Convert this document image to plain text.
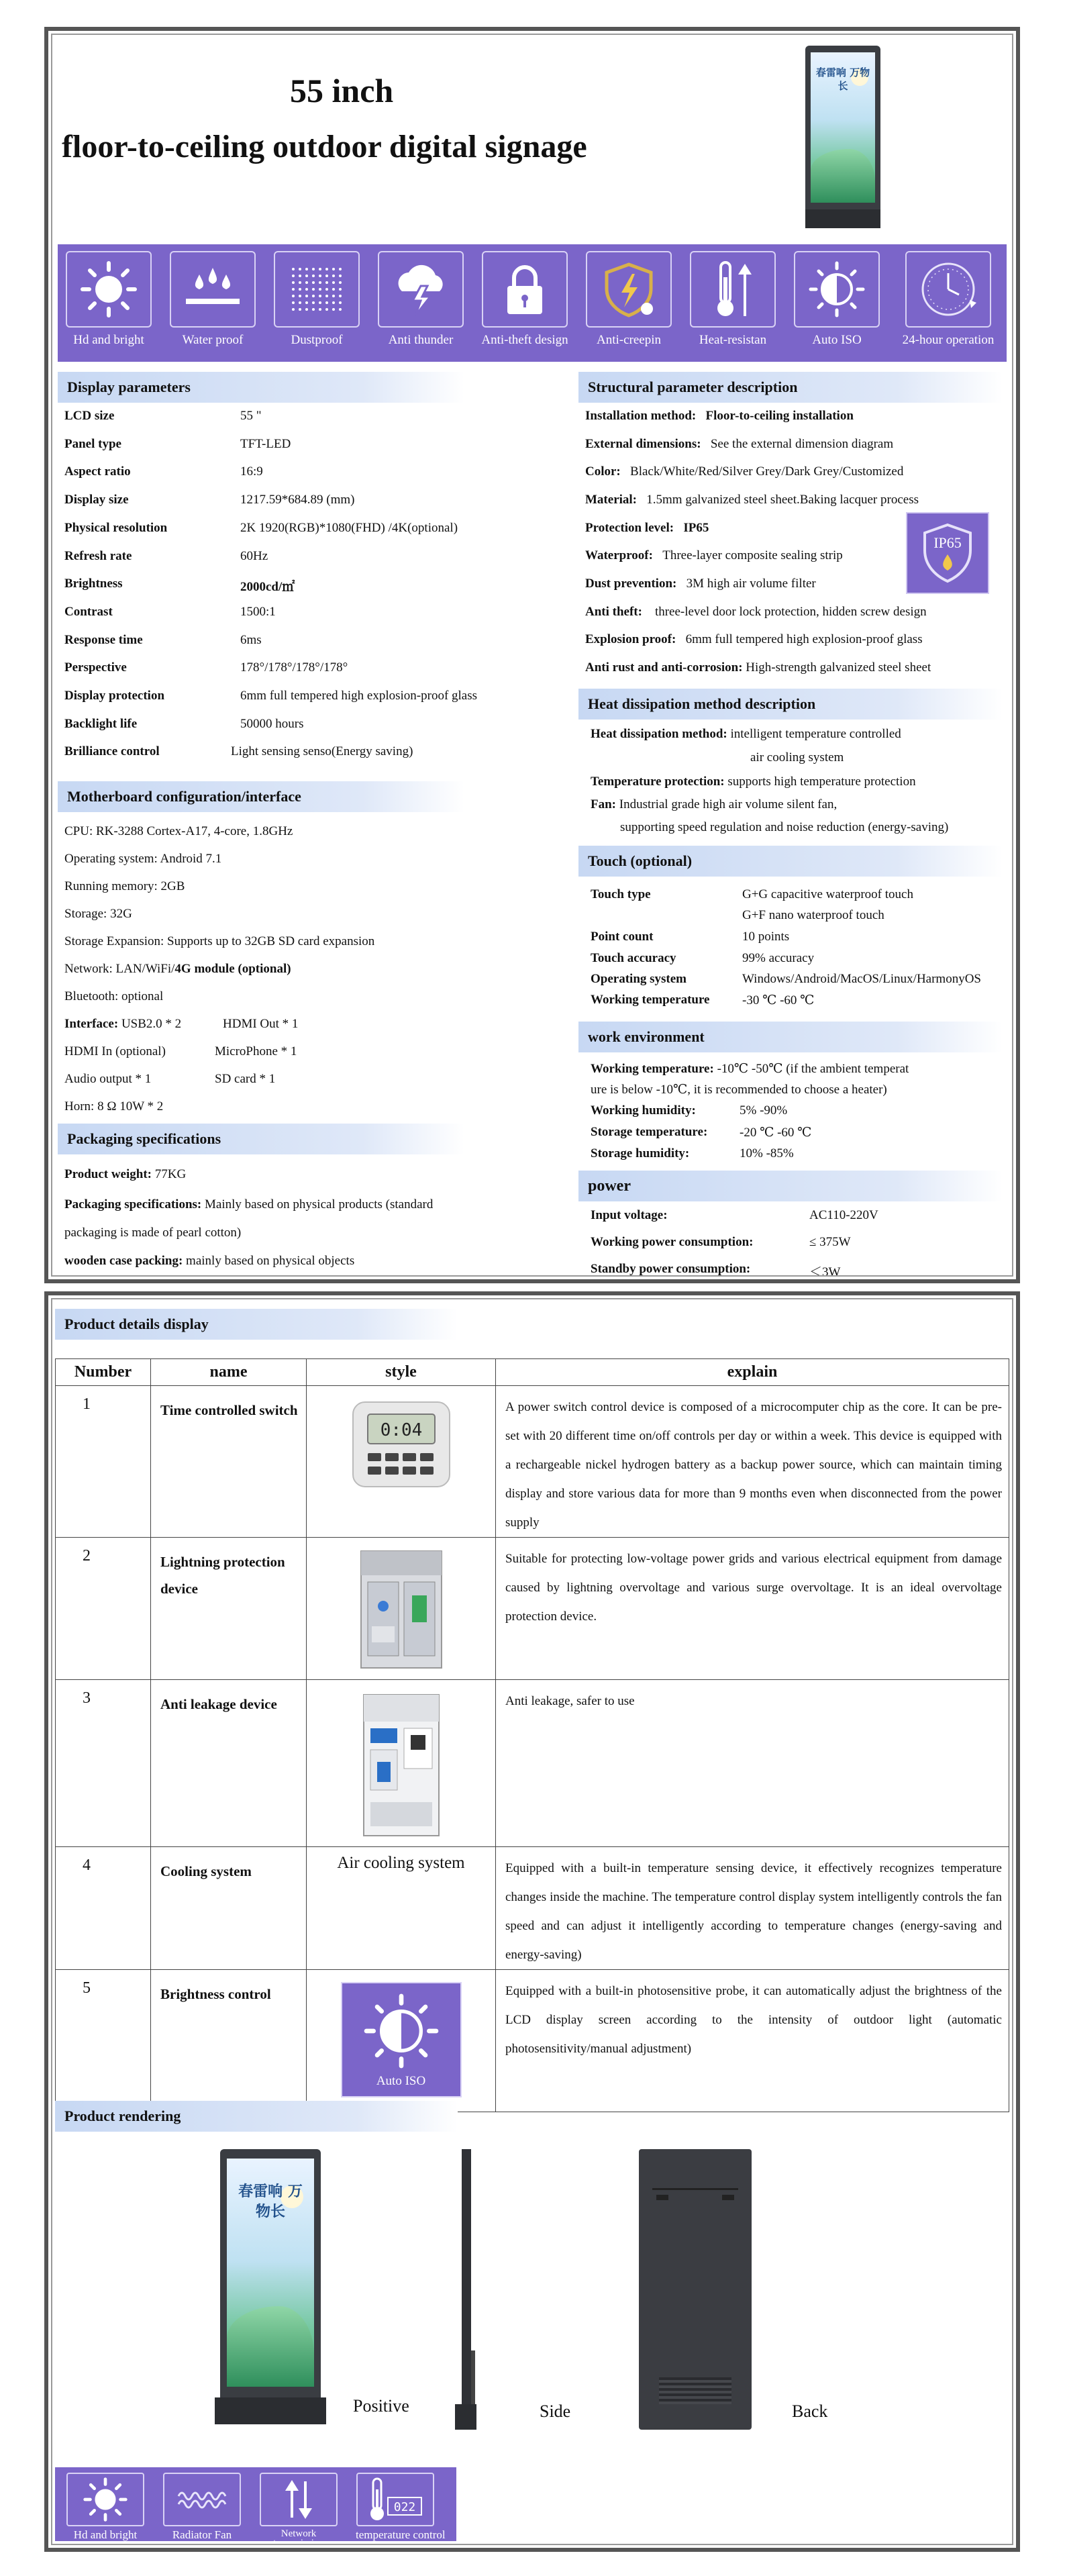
55 inch
floor-to-ceiling outdoor digital signage
春雷响 万物长
Hd and bright	Water proof	Dustproof	Anti thunder	Anti-theft design	Anti-creepin	Heat-resistan	Auto ISO	24-hour operation
Display parameters
LCD size	55 "
Panel type	TFT-LED
Aspect ratio	16:9
Display size	1217.59*684.89 (mm)
Physical resolution	2K 1920(RGB)*1080(FHD) /4K(optional)
Refresh rate	60Hz
Brightness	2000cd/㎡
Contrast	1500:1
Response time	6ms
Perspective	178°/178°/178°/178°
Display protection	6mm full tempered high explosion-proof glass
Backlight life	50000 hours
Brilliance control	Light sensing senso(Energy saving)
Motherboard configuration/interface
CPU: RK-3288 Cortex-A17, 4-core, 1.8GHz
Operating system: Android 7.1
Running memory: 2GB
Storage: 32G
Storage Expansion: Supports up to 32GB SD card expansion
Network: LAN/WiFi/4G module (optional)
Bluetooth: optional
Interface: USB2.0 * 2	HDMI Out * 1
HDMI In (optional)	MicroPhone * 1
Audio output * 1	SD card * 1
Horn: 8 Ω 10W * 2
Packaging specifications
Product weight: 77KG
Packaging specifications: Mainly based on physical products (standard
packaging is made of pearl cotton)
wooden case packing: mainly based on physical objects
Structural parameter description
Installation method: Floor-to-ceiling installation
External dimensions: See the external dimension diagram
Color: Black/White/Red/Silver Grey/Dark Grey/Customized
Material: 1.5mm galvanized steel sheet.Baking lacquer process
Protection level: IP65
Waterproof: Three-layer composite sealing strip
Dust prevention: 3M high air volume filter
Anti theft: three-level door lock protection, hidden screw design
Explosion proof: 6mm full tempered high explosion-proof glass
Anti rust and anti-corrosion: High-strength galvanized steel sheet
IP65
Heat dissipation method description
Heat dissipation method: intelligent temperature controlled
air cooling system
Temperature protection: supports high temperature protection
Fan: Industrial grade high air volume silent fan,
supporting speed regulation and noise reduction (energy-saving)
Touch (optional)
Touch type	G+G capacitive waterproof touch
G+F nano waterproof touch
Point count	10 points
Touch accuracy	99% accuracy
Operating system	Windows/Android/MacOS/Linux/HarmonyOS
Working temperature	-30 ℃ -60 ℃
work environment
Working temperature: -10℃ -50℃ (if the ambient temperat
ure is below -10℃, it is recommended to choose a heater)
Working humidity:	5% -90%
Storage temperature:	-20 ℃ -60 ℃
Storage humidity:	10% -85%
power
Input voltage:	AC110-220V
Working power consumption:	≤ 375W
Standby power consumption:	＜3W
Product details display
Number	name	style	explain
1	Time controlled switch	0:04	A power switch control device is composed of a microcomputer chip as the core. It can be pre-set with 20 different time on/off controls per day or within a week. This device is equipped with a rechargeable nickel hydrogen battery as a backup power source, which can maintain timing display and store various data for more than 9 months even when disconnected from the power supply
2	Lightning protection device		Suitable for protecting low-voltage power grids and various electrical equipment from damage caused by lightning overvoltage and various surge overvoltage. It is an ideal overvoltage protection device.
3	Anti leakage device		Anti leakage, safer to use
4	Cooling system	Air cooling system	Equipped with a built-in temperature sensing device, it effectively recognizes temperature changes inside the machine. The temperature control display system intelligently controls the fan speed and can adjust it intelligently according to temperature changes (energy-saving and energy-saving)
5	Brightness control	Auto ISO	Equipped with a built-in photosensitive probe, it can automatically adjust the brightness of the LCD display screen according to the intensity of outdoor light (automatic photosensitivity/manual adjustment)
Product rendering
春雷响 万物长
Positive	Side	Back
Hd and bright	Radiator Fan	Network
transmission
022
temperature control
